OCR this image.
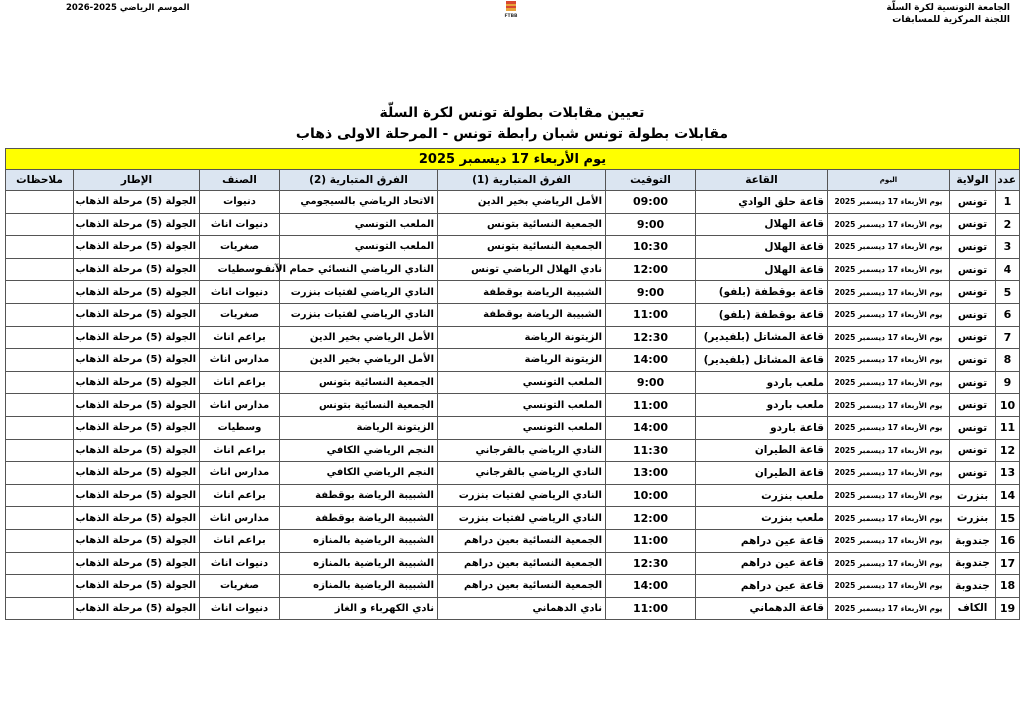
الجامعة التونسية لكرة السلّة
اللجنة المركزية للمسابقات
FTBB
الموسم الرياضي 2025-2026
تعيين مقابلات بطولة تونس لكرة السلّة
مقابلات بطولة تونس شبان رابطة تونس - المرحلة الاولى ذهاب
يوم الأربعاء 17 ديسمبر 2025									
عدد	الولاية	اليوم	القاعة	التوقيت	الفرق المتبارية (1)	الفرق المتبارية (2)	الصنف	الإطار	ملاحظات
1	تونس	يوم الأربعاء 17 ديسمبر 2025	قاعة حلق الوادي	09:00	الأمل الرياضي بخير الدين	الاتحاد الرياضي بالسيجومي	دنيوات	الجولة (5) مرحلة الذهاب	
2	تونس	يوم الأربعاء 17 ديسمبر 2025	قاعة الهلال	9:00	الجمعية النسائية بتونس	الملعب التونسي	دنيوات اناث	الجولة (5) مرحلة الذهاب	
3	تونس	يوم الأربعاء 17 ديسمبر 2025	قاعة الهلال	10:30	الجمعية النسائية بتونس	الملعب التونسي	صغريات	الجولة (5) مرحلة الذهاب	
4	تونس	يوم الأربعاء 17 ديسمبر 2025	قاعة الهلال	12:00	نادي الهلال الرياضي تونس	النادي الرياضي النسائي حمام الآنف	وسطيات	الجولة (5) مرحلة الذهاب	
5	تونس	يوم الأربعاء 17 ديسمبر 2025	قاعة بوقطفة (بلفو)	9:00	الشبيبة الرياضة بوقطفة	النادي الرياضي لفتيات بنزرت	دنيوات اناث	الجولة (5) مرحلة الذهاب	
6	تونس	يوم الأربعاء 17 ديسمبر 2025	قاعة بوقطفة (بلفو)	11:00	الشبيبة الرياضة بوقطفة	النادي الرياضي لفتيات بنزرت	صغريات	الجولة (5) مرحلة الذهاب	
7	تونس	يوم الأربعاء 17 ديسمبر 2025	قاعة المشاتل (بلفيدير)	12:30	الزيتونة الرياضة	الأمل الرياضي بخير الدين	براعم اناث	الجولة (5) مرحلة الذهاب	
8	تونس	يوم الأربعاء 17 ديسمبر 2025	قاعة المشاتل (بلفيدير)	14:00	الزيتونة الرياضة	الأمل الرياضي بخير الدين	مدارس اناث	الجولة (5) مرحلة الذهاب	
9	تونس	يوم الأربعاء 17 ديسمبر 2025	ملعب باردو	9:00	الملعب التونسي	الجمعية النسائية بتونس	براعم اناث	الجولة (5) مرحلة الذهاب	
10	تونس	يوم الأربعاء 17 ديسمبر 2025	ملعب باردو	11:00	الملعب التونسي	الجمعية النسائية بتونس	مدارس اناث	الجولة (5) مرحلة الذهاب	
11	تونس	يوم الأربعاء 17 ديسمبر 2025	قاعة باردو	14:00	الملعب التونسي	الزيتونة الرياضة	وسطيات	الجولة (5) مرحلة الذهاب	
12	تونس	يوم الأربعاء 17 ديسمبر 2025	قاعة الطيران	11:30	النادي الرياضي بالقرجاني	النجم الرياضي الكافي	براعم اناث	الجولة (5) مرحلة الذهاب	
13	تونس	يوم الأربعاء 17 ديسمبر 2025	قاعة الطيران	13:00	النادي الرياضي بالقرجاني	النجم الرياضي الكافي	مدارس اناث	الجولة (5) مرحلة الذهاب	
14	بنزرت	يوم الأربعاء 17 ديسمبر 2025	ملعب بنزرت	10:00	النادي الرياضي لفتيات بنزرت	الشبيبة الرياضة بوقطفة	براعم اناث	الجولة (5) مرحلة الذهاب	
15	بنزرت	يوم الأربعاء 17 ديسمبر 2025	ملعب بنزرت	12:00	النادي الرياضي لفتيات بنزرت	الشبيبة الرياضة بوقطفة	مدارس اناث	الجولة (5) مرحلة الذهاب	
16	جندوبة	يوم الأربعاء 17 ديسمبر 2025	قاعة عين دراهم	11:00	الجمعية النسائية بعين دراهم	الشبيبة الرياضية بالمنازه	براعم اناث	الجولة (5) مرحلة الذهاب	
17	جندوبة	يوم الأربعاء 17 ديسمبر 2025	قاعة عين دراهم	12:30	الجمعية النسائية بعين دراهم	الشبيبة الرياضية بالمنازه	دنيوات اناث	الجولة (5) مرحلة الذهاب	
18	جندوبة	يوم الأربعاء 17 ديسمبر 2025	قاعة عين دراهم	14:00	الجمعية النسائية بعين دراهم	الشبيبة الرياضية بالمنازه	صغريات	الجولة (5) مرحلة الذهاب	
19	الكاف	يوم الأربعاء 17 ديسمبر 2025	قاعة الدهماني	11:00	نادي الدهماني	نادي الكهرباء و الغاز	دنيوات اناث	الجولة (5) مرحلة الذهاب	
